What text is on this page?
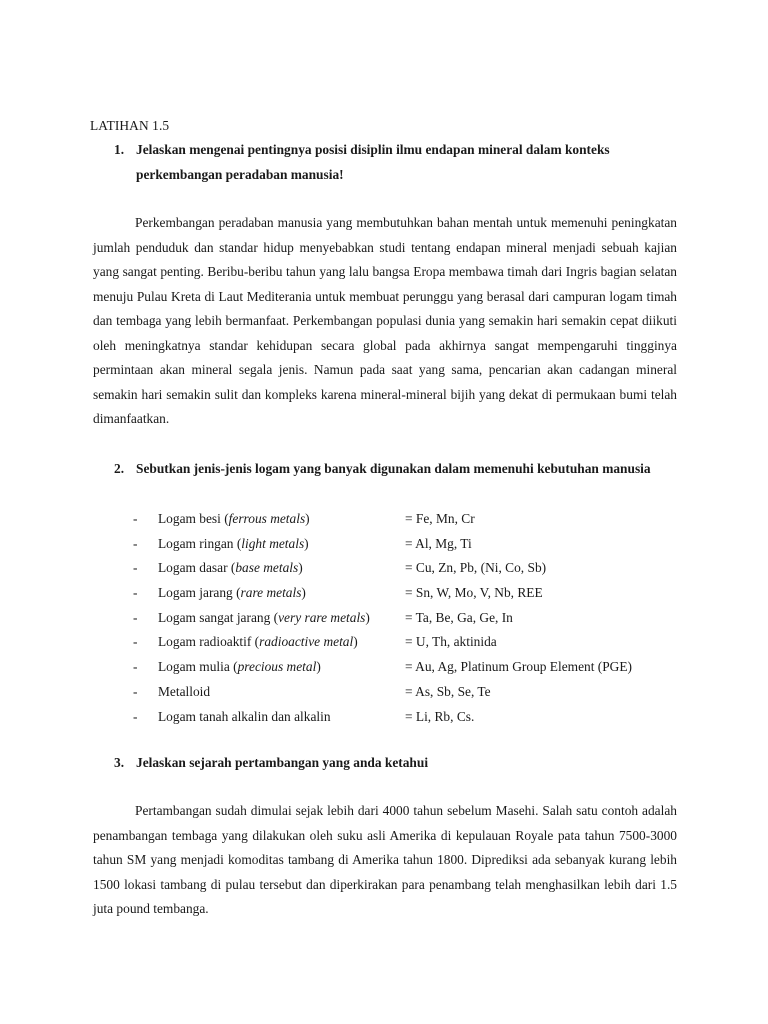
LATIHAN 1.5
1. Jelaskan mengenai pentingnya posisi disiplin ilmu endapan mineral dalam konteks perkembangan peradaban manusia!

Perkembangan peradaban manusia yang membutuhkan bahan mentah untuk memenuhi peningkatan jumlah penduduk dan standar hidup menyebabkan studi tentang endapan mineral menjadi sebuah kajian yang sangat penting. Beribu-beribu tahun yang lalu bangsa Eropa membawa timah dari Ingris bagian selatan menuju Pulau Kreta di Laut Mediterania untuk membuat perunggu yang berasal dari campuran logam timah dan tembaga yang lebih bermanfaat. Perkembangan populasi dunia yang semakin hari semakin cepat diikuti oleh meningkatnya standar kehidupan secara global pada akhirnya sangat mempengaruhi tingginya permintaan akan mineral segala jenis. Namun pada saat yang sama, pencarian akan cadangan mineral semakin hari semakin sulit dan kompleks karena mineral-mineral bijih yang dekat di permukaan bumi telah dimanfaatkan.

2. Sebutkan jenis-jenis logam yang banyak digunakan dalam memenuhi kebutuhan manusia
- Logam besi (ferrous metals)	= Fe, Mn, Cr
- Logam ringan (light metals)	= Al, Mg, Ti
- Logam dasar (base metals)	= Cu, Zn, Pb, (Ni, Co, Sb)
- Logam jarang (rare metals)	= Sn, W, Mo, V, Nb, REE
- Logam sangat jarang (very rare metals)	= Ta, Be, Ga, Ge, In
- Logam radioaktif (radioactive metal)	= U, Th, aktinida
- Logam mulia (precious metal)	= Au, Ag, Platinum Group Element (PGE)
- Metalloid	= As, Sb, Se, Te
- Logam tanah alkalin dan alkalin	= Li, Rb, Cs.
3. Jelaskan sejarah pertambangan yang anda ketahui

Pertambangan sudah dimulai sejak lebih dari 4000 tahun sebelum Masehi. Salah satu contoh adalah penambangan tembaga yang dilakukan oleh suku asli Amerika di kepulauan Royale pata tahun 7500-3000 tahun SM yang menjadi komoditas tambang di Amerika tahun 1800. Diprediksi ada sebanyak kurang lebih 1500 lokasi tambang di pulau tersebut dan diperkirakan para penambang telah menghasilkan lebih dari 1.5 juta pound tembanga.
